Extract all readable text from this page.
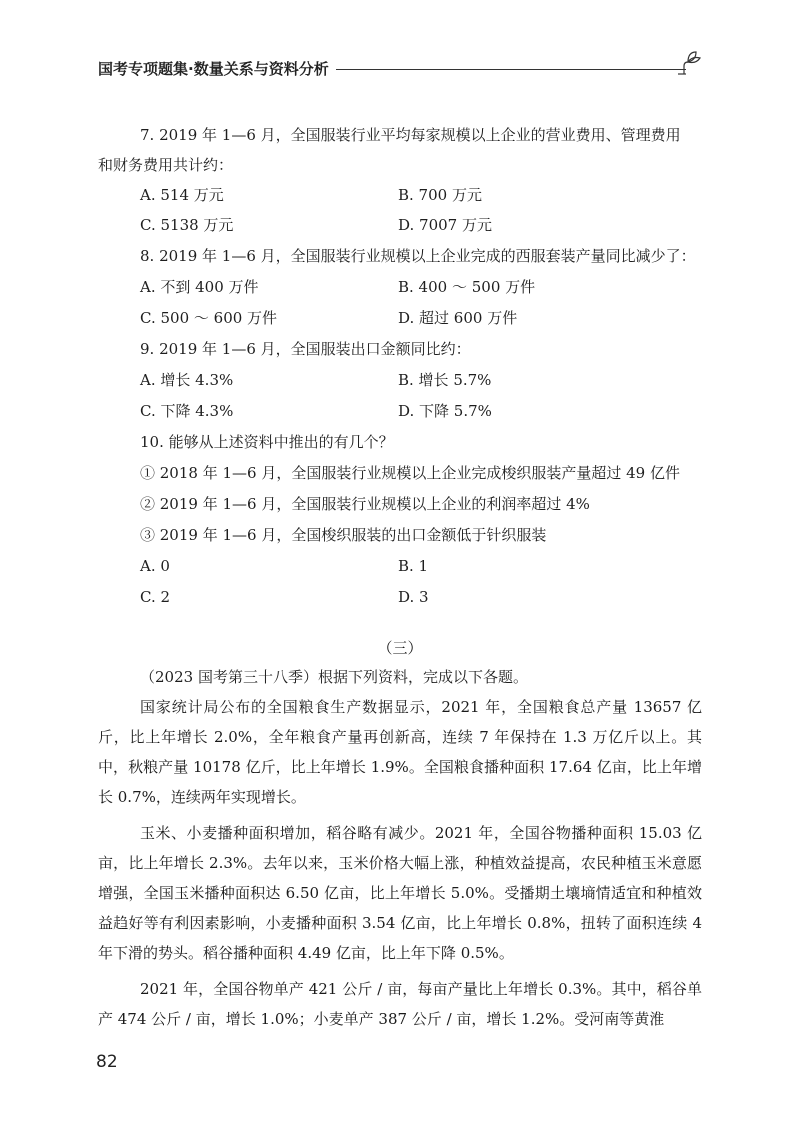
国考专项题集·数量关系与资料分析
7. 2019 年 1—6 月，全国服装行业平均每家规模以上企业的营业费用、管理费用
和财务费用共计约：
A. 514 万元	B. 700 万元
C. 5138 万元	D. 7007 万元
8. 2019 年 1—6 月，全国服装行业规模以上企业完成的西服套装产量同比减少了：
A. 不到 400 万件	B. 400 ～ 500 万件
C. 500 ～ 600 万件	D. 超过 600 万件
9. 2019 年 1—6 月，全国服装出口金额同比约：
A. 增长 4.3%	B. 增长 5.7%
C. 下降 4.3%	D. 下降 5.7%
10. 能够从上述资料中推出的有几个？
① 2018 年 1—6 月，全国服装行业规模以上企业完成梭织服装产量超过 49 亿件
② 2019 年 1—6 月，全国服装行业规模以上企业的利润率超过 4%
③ 2019 年 1—6 月，全国梭织服装的出口金额低于针织服装
A. 0	B. 1
C. 2	D. 3
（三）
（2023 国考第三十八季）根据下列资料，完成以下各题。
国家统计局公布的全国粮食生产数据显示，2021 年，全国粮食总产量 13657 亿斤，比上年增长 2.0%，全年粮食产量再创新高，连续 7 年保持在 1.3 万亿斤以上。其中，秋粮产量 10178 亿斤，比上年增长 1.9%。全国粮食播种面积 17.64 亿亩，比上年增长 0.7%，连续两年实现增长。
玉米、小麦播种面积增加，稻谷略有减少。2021 年，全国谷物播种面积 15.03 亿亩，比上年增长 2.3%。去年以来，玉米价格大幅上涨，种植效益提高，农民种植玉米意愿增强，全国玉米播种面积达 6.50 亿亩，比上年增长 5.0%。受播期土壤墒情适宜和种植效益趋好等有利因素影响，小麦播种面积 3.54 亿亩，比上年增长 0.8%，扭转了面积连续 4 年下滑的势头。稻谷播种面积 4.49 亿亩，比上年下降 0.5%。
2021 年，全国谷物单产 421 公斤 / 亩，每亩产量比上年增长 0.3%。其中，稻谷单产 474 公斤 / 亩，增长 1.0%；小麦单产 387 公斤 / 亩，增长 1.2%。受河南等黄淮
82
